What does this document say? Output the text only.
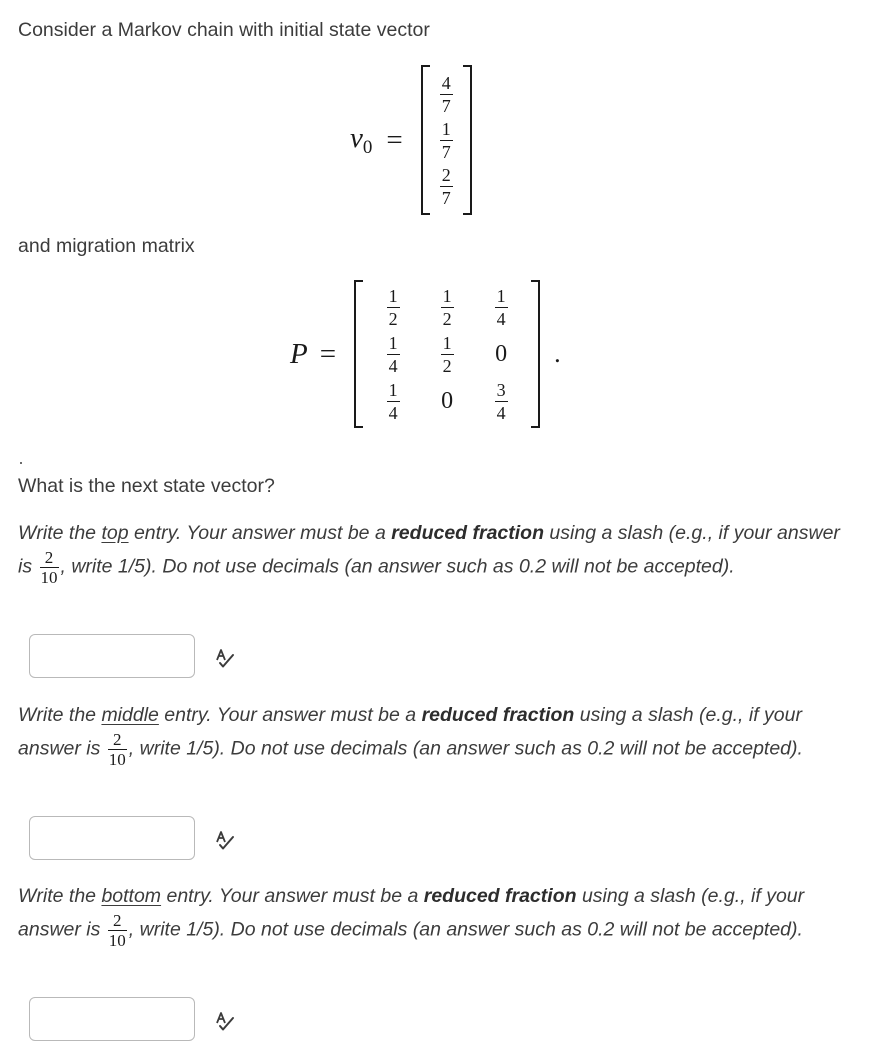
Consider a Markov chain with initial state vector
$v_0$ =
$\frac{4}{7}$
$\frac{1}{7}$
$\frac{2}{7}$
and migration matrix
P =
$\frac{1}{2} \frac{1}{2} \frac{1}{4}$
$\frac{1}{4} \frac{1}{2} 0$
$\frac{1}{4} 0 \frac{3}{4}$
.
What is the next state vector?
Write the top entry. Your answer must be a reduced fraction using a slash (e.g., if your answer is $\frac{2}{10}$ , write 1/5). Do not use decimals (an answer such as 0.2 will not be accepted).
Write the middle entry. Your answer must be a reduced fraction using a slash (e.g., if your answer is $\frac{2}{10}$ , write 1/5). Do not use decimals (an answer such as 0.2 will not be accepted).
Write the bottom entry. Your answer must be a reduced fraction using a slash (e.g., if your answer is $\frac{2}{10}$ , write 1/5). Do not use decimals (an answer such as 0.2 will not be accepted).
